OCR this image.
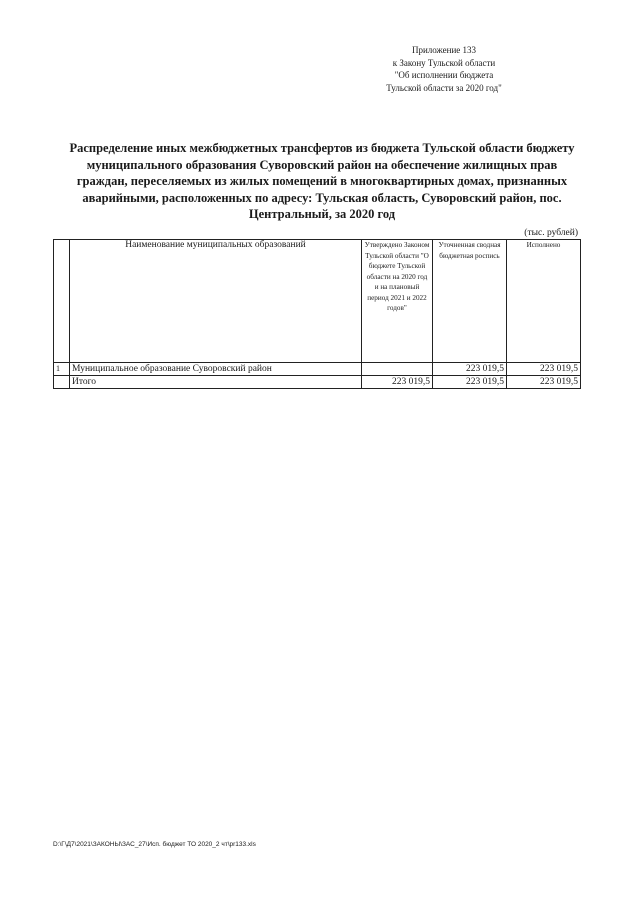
Приложение 133
к Закону Тульской области
"Об исполнении бюджета
Тульской области за 2020 год"
Распределение иных межбюджетных трансфертов из бюджета Тульской области бюджету
муниципального образования Суворовский район на обеспечение жилищных прав
граждан, переселяемых из жилых помещений в многоквартирных домах, признанных
аварийными, расположенных по адресу: Тульская область, Суворовский район, пос.
Центральный, за 2020 год
(тыс. рублей)
	Наименование муниципальных образований	Утверждено Законом Тульской области "О бюджете Тульской области на 2020 год и на плановый период 2021 и 2022 годов"	Уточненная сводная бюджетная роспись	Исполнено
1	Муниципальное образование Суворовский район		223 019,5	223 019,5
	Итого	223 019,5	223 019,5	223 019,5
D:\Г\Д7\2021\ЗАКОНЫ\ЗАС_27\Исп. бюджет ТО 2020_2 чт\pr133.xls
